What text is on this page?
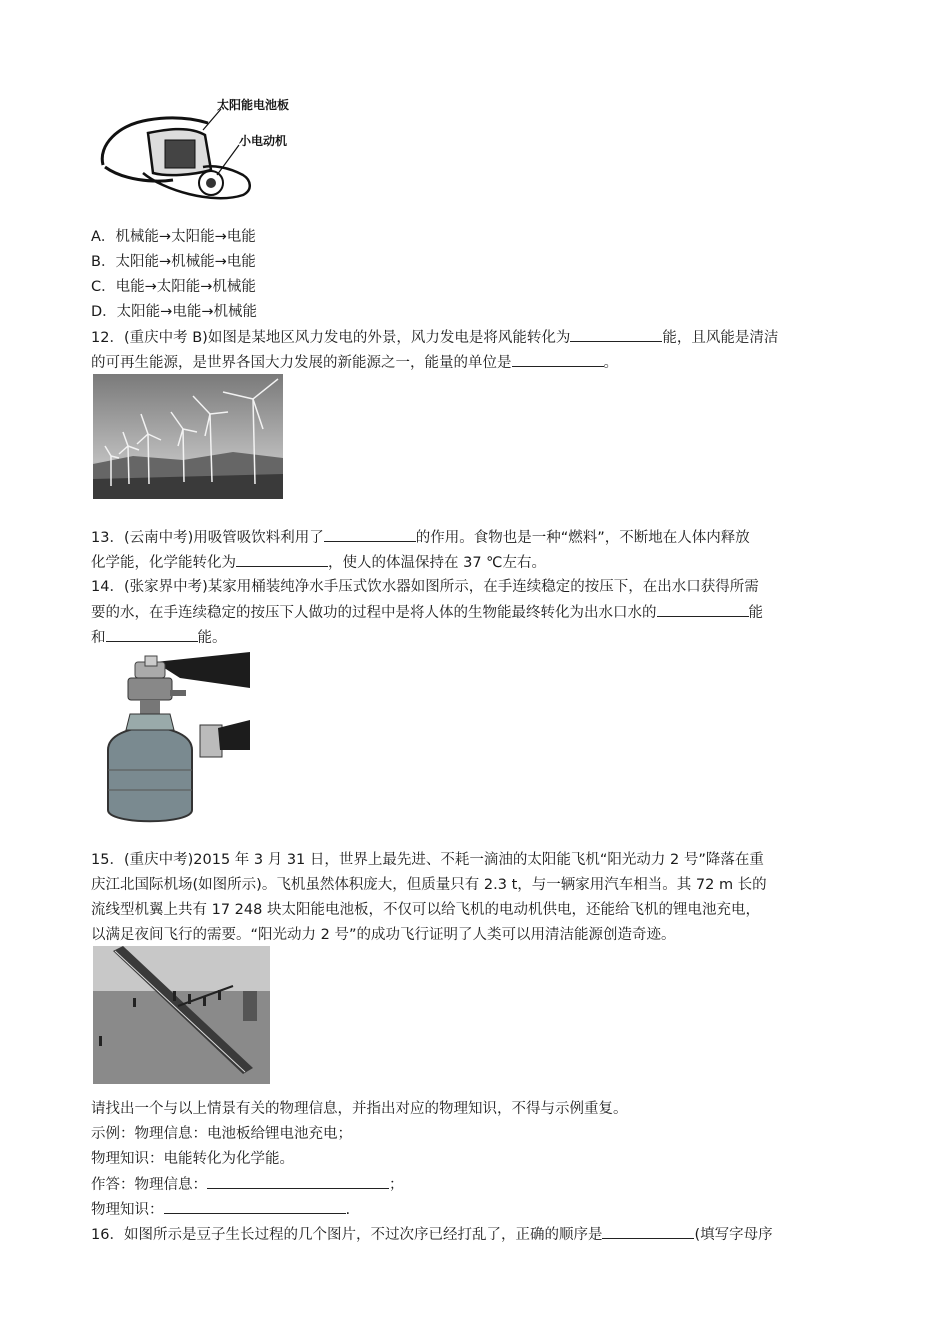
太阳能电池板
小电动机
A．机械能→太阳能→电能
B．太阳能→机械能→电能
C．电能→太阳能→机械能
D．太阳能→电能→机械能
12．(重庆中考 B)如图是某地区风力发电的外景，风力发电是将风能转化为	能，且风能是清洁
的可再生能源，是世界各国大力发展的新能源之一，能量的单位是	。
13．(云南中考)用吸管吸饮料利用了	的作用。食物也是一种“燃料”，不断地在人体内释放
化学能，化学能转化为	，使人的体温保持在 37 ℃左右。
14．(张家界中考)某家用桶装纯净水手压式饮水器如图所示，在手连续稳定的按压下，在出水口获得所需
要的水，在手连续稳定的按压下人做功的过程中是将人体的生物能最终转化为出水口水的	能
和	能。
15．(重庆中考)2015 年 3 月 31 日，世界上最先进、不耗一滴油的太阳能飞机“阳光动力 2 号”降落在重
庆江北国际机场(如图所示)。飞机虽然体积庞大，但质量只有 2.3 t，与一辆家用汽车相当。其 72 m 长的
流线型机翼上共有 17 248 块太阳能电池板，不仅可以给飞机的电动机供电，还能给飞机的锂电池充电，
以满足夜间飞行的需要。“阳光动力 2 号”的成功飞行证明了人类可以用清洁能源创造奇迹。
请找出一个与以上情景有关的物理信息，并指出对应的物理知识，不得与示例重复。
示例：物理信息：电池板给锂电池充电；
物理知识：电能转化为化学能。
作答：物理信息：	；
物理知识：	.
16．如图所示是豆子生长过程的几个图片，不过次序已经打乱了，正确的顺序是	(填写字母序
